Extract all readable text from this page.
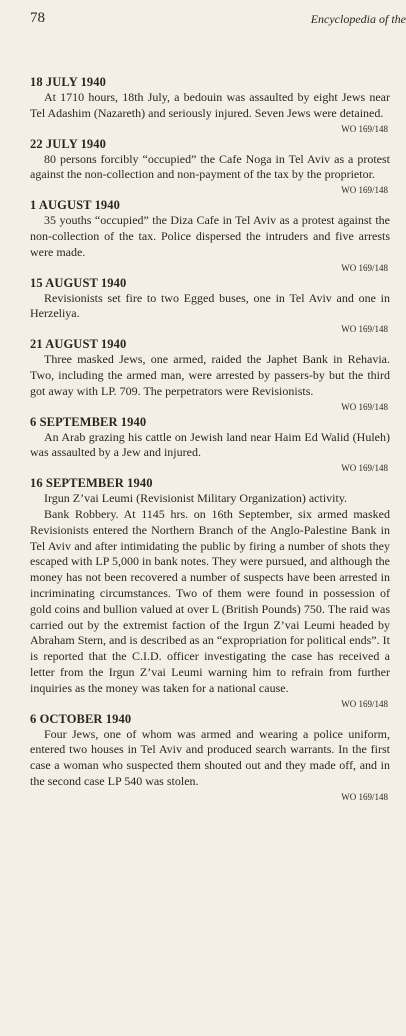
78	Encyclopedia of the
18 JULY 1940

At 1710 hours, 18th July, a bedouin was assaulted by eight Jews near Tel Adashim (Nazareth) and seriously injured. Seven Jews were detained.

WO 169/148
22 JULY 1940

80 persons forcibly “occupied” the Cafe Noga in Tel Aviv as a protest against the non-collection and non-payment of the tax by the proprietor.

WO 169/148
1 AUGUST 1940

35 youths “occupied” the Diza Cafe in Tel Aviv as a protest against the non-collection of the tax. Police dispersed the intruders and five arrests were made.

WO 169/148
15 AUGUST 1940

Revisionists set fire to two Egged buses, one in Tel Aviv and one in Herzeliya.

WO 169/148
21 AUGUST 1940

Three masked Jews, one armed, raided the Japhet Bank in Rehavia. Two, including the armed man, were arrested by passers-by but the third got away with LP. 709. The perpetrators were Revisionists.

WO 169/148
6 SEPTEMBER 1940

An Arab grazing his cattle on Jewish land near Haim Ed Walid (Huleh) was assaulted by a Jew and injured.

WO 169/148
16 SEPTEMBER 1940

Irgun Z’vai Leumi (Revisionist Military Organization) activity.

Bank Robbery. At 1145 hrs. on 16th September, six armed masked Revisionists entered the Northern Branch of the Anglo-Palestine Bank in Tel Aviv and after intimidating the public by firing a number of shots they escaped with LP 5,000 in bank notes. They were pursued, and although the money has not been recovered a number of suspects have been arrested in incriminating circumstances. Two of them were found in possession of gold coins and bullion valued at over L (British Pounds) 750. The raid was carried out by the extremist faction of the Irgun Z’vai Leumi headed by Abraham Stern, and is described as an “expropriation for political ends”. It is reported that the C.I.D. officer investigating the case has received a letter from the Irgun Z’vai Leumi warning him to refrain from further inquiries as the money was taken for a national cause.

WO 169/148
6 OCTOBER 1940

Four Jews, one of whom was armed and wearing a police uniform, entered two houses in Tel Aviv and produced search warrants. In the first case a woman who suspected them shouted out and they made off, and in the second case LP 540 was stolen.

WO 169/148
